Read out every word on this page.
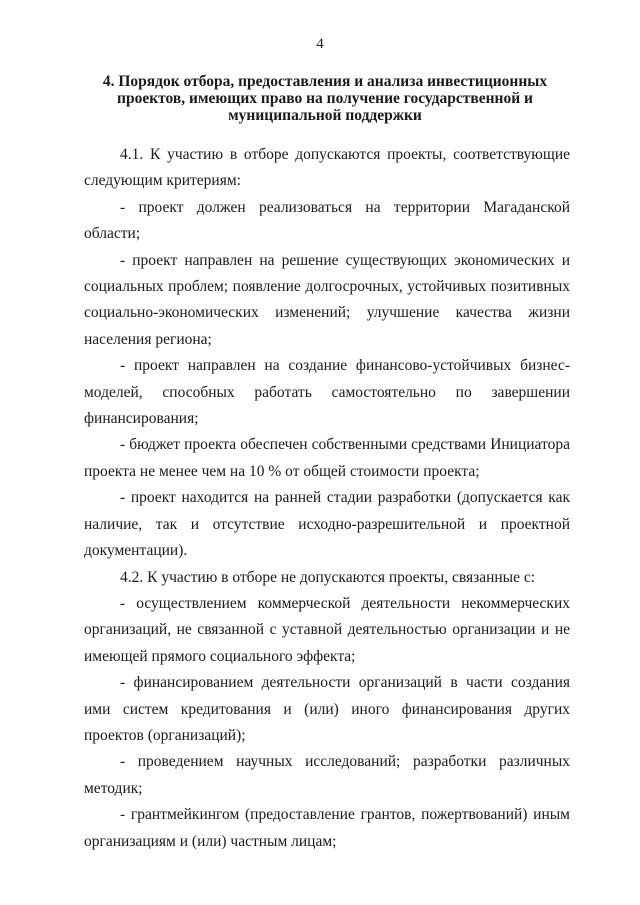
4
4. Порядок отбора, предоставления и анализа инвестиционных проектов, имеющих право на получение государственной и муниципальной поддержки

4.1. К участию в отборе допускаются проекты, соответствующие следующим критериям:

- проект должен реализоваться на территории Магаданской области;

- проект направлен на решение существующих экономических и социальных проблем; появление долгосрочных, устойчивых позитивных социально-экономических изменений; улучшение качества жизни населения региона;

- проект направлен на создание финансово-устойчивых бизнес-моделей, способных работать самостоятельно по завершении финансирования;

- бюджет проекта обеспечен собственными средствами Инициатора проекта не менее чем на 10 % от общей стоимости проекта;

- проект находится на ранней стадии разработки (допускается как наличие, так и отсутствие исходно-разрешительной и проектной документации).

4.2. К участию в отборе не допускаются проекты, связанные с:

- осуществлением коммерческой деятельности некоммерческих организаций, не связанной с уставной деятельностью организации и не имеющей прямого социального эффекта;

- финансированием деятельности организаций в части создания ими систем кредитования и (или) иного финансирования других проектов (организаций);

- проведением научных исследований; разработки различных методик;

- грантмейкингом (предоставление грантов, пожертвований) иным организациям и (или) частным лицам;
